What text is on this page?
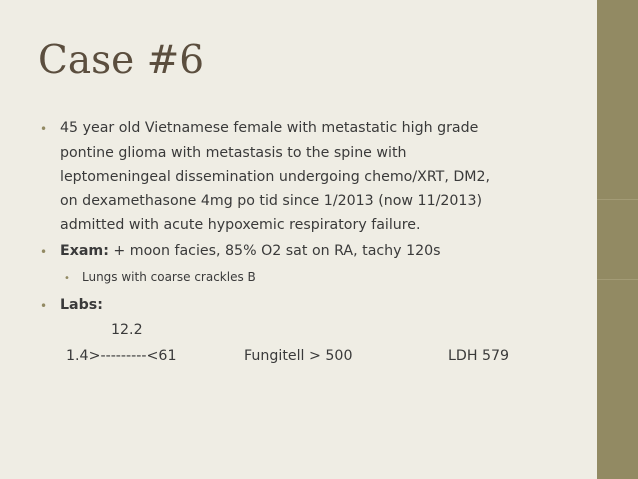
Case #6
• 45 year old Vietnamese female with metastatic high grade
pontine glioma with metastasis to the spine with
leptomeningeal dissemination undergoing chemo/XRT, DM2,
on dexamethasone 4mg po tid since 1/2013 (now 11/2013)
admitted with acute hypoxemic respiratory failure.
• Exam: + moon facies, 85% O2 sat on RA, tachy 120s
• Lungs with coarse crackles B
• Labs:
12.2
1.4>---------<61	Fungitell > 500	LDH 579
